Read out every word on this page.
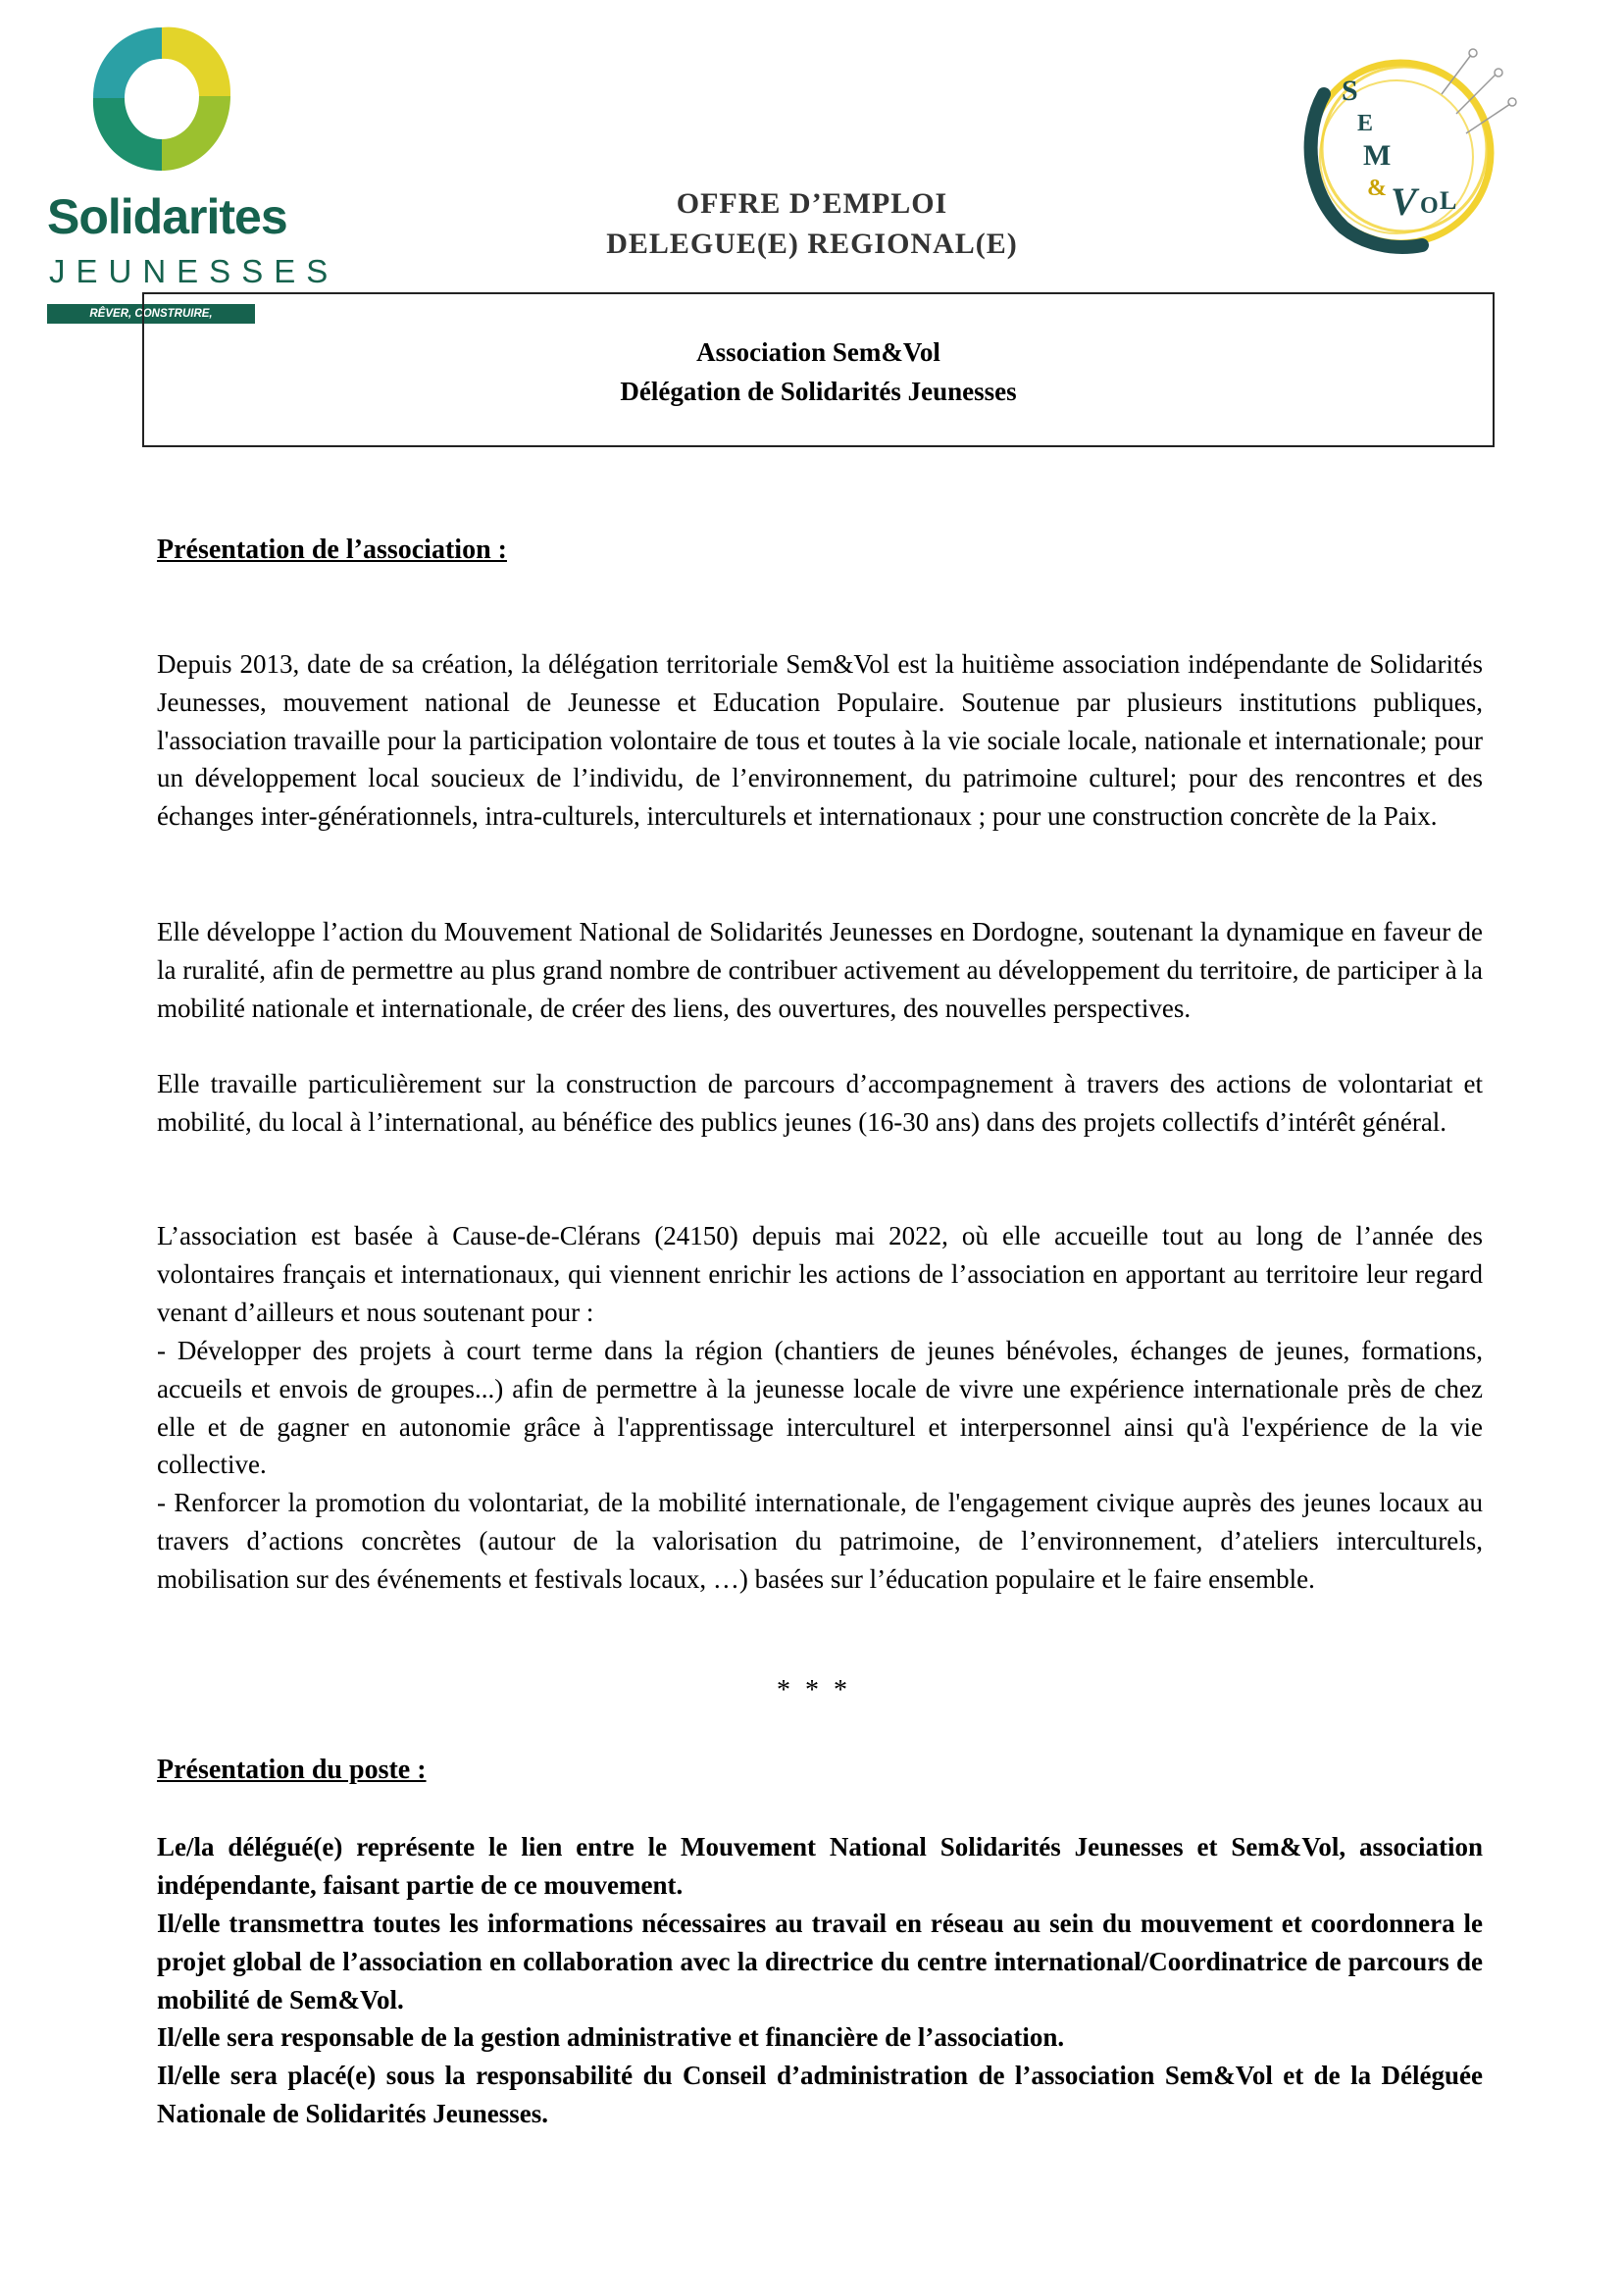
Solidarites
JEUNESSES
RÊVER, CONSTRUIRE, TRANSFORMER
S
E
M
& V O L
OFFRE D’EMPLOI
DELEGUE(E) REGIONAL(E)
Association Sem&Vol
Délégation de Solidarités Jeunesses
Présentation de l’association :

Depuis 2013, date de sa création, la délégation territoriale Sem&Vol est la huitième association indépendante de Solidarités Jeunesses, mouvement national de Jeunesse et Education Populaire. Soutenue par plusieurs institutions publiques, l'association travaille pour la participation volontaire de tous et toutes à la vie sociale locale, nationale et internationale; pour un développement local soucieux de l’individu, de l’environnement, du patrimoine culturel; pour des rencontres et des échanges inter-générationnels, intra-culturels, interculturels et internationaux ; pour une construction concrète de la Paix.

Elle développe l’action du Mouvement National de Solidarités Jeunesses en Dordogne, soutenant la dynamique en faveur de la ruralité, afin de permettre au plus grand nombre de contribuer activement au développement du territoire, de participer à la mobilité nationale et internationale, de créer des liens, des ouvertures, des nouvelles perspectives.

Elle travaille particulièrement sur la construction de parcours d’accompagnement à travers des actions de volontariat et mobilité, du local à l’international, au bénéfice des publics jeunes (16-30 ans) dans des projets collectifs d’intérêt général.

L’association est basée à Cause-de-Clérans (24150) depuis mai 2022, où elle accueille tout au long de l’année des volontaires français et internationaux, qui viennent enrichir les actions de l’association en apportant au territoire leur regard venant d’ailleurs et nous soutenant pour :

- Développer des projets à court terme dans la région (chantiers de jeunes bénévoles, échanges de jeunes, formations, accueils et envois de groupes...) afin de permettre à la jeunesse locale de vivre une expérience internationale près de chez elle et de gagner en autonomie grâce à l'apprentissage interculturel et interpersonnel ainsi qu'à l'expérience de la vie collective.

- Renforcer la promotion du volontariat, de la mobilité internationale, de l'engagement civique auprès des jeunes locaux au travers d’actions concrètes (autour de la valorisation du patrimoine, de l’environnement, d’ateliers interculturels, mobilisation sur des événements et festivals locaux, …) basées sur l’éducation populaire et le faire ensemble.

* * *
Présentation du poste :

Le/la délégué(e) représente le lien entre le Mouvement National Solidarités Jeunesses et Sem&Vol, association indépendante, faisant partie de ce mouvement.

Il/elle transmettra toutes les informations nécessaires au travail en réseau au sein du mouvement et coordonnera le projet global de l’association en collaboration avec la directrice du centre international/Coordinatrice de parcours de mobilité de Sem&Vol.

Il/elle sera responsable de la gestion administrative et financière de l’association.

Il/elle sera placé(e) sous la responsabilité du Conseil d’administration de l’association Sem&Vol et de la Déléguée Nationale de Solidarités Jeunesses.
